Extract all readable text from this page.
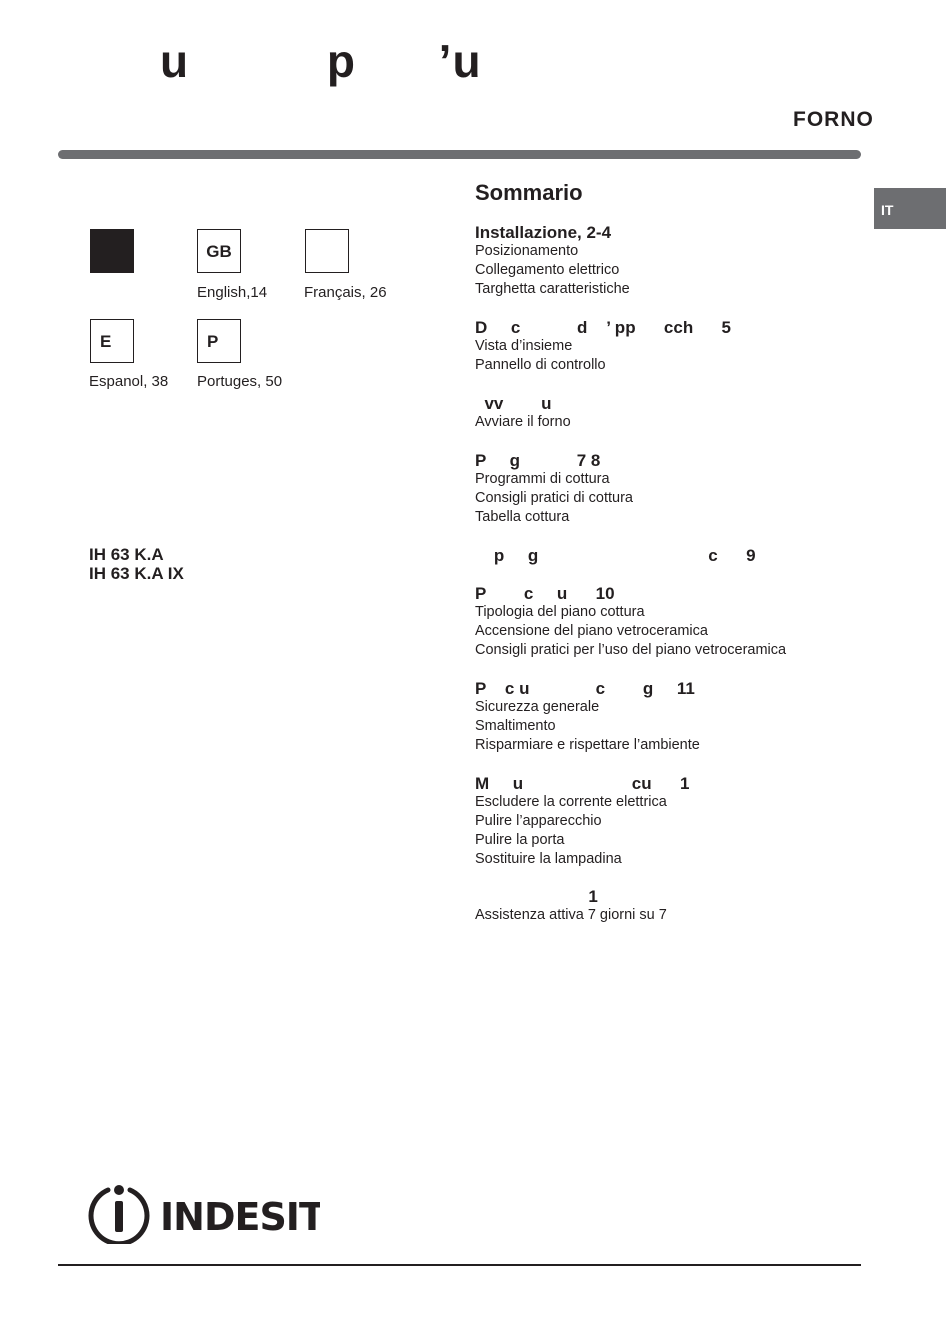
u          p      ’u
FORNO
IT
GB
English,14 Français, 26
E
Espanol, 38
P
Portuges, 50
IH 63 K.A
IH 63 K.A IX
Sommario
Installazione, 2-4
Posizionamento
Collegamento elettrico
Targhetta caratteristiche
D     c            d    ’ pp      cch      5
Vista d’insieme
Pannello di controllo
vv        u
Avviare il forno
P     g            7 8
Programmi di cottura
Consigli pratici di cottura
Tabella cottura
p     g                                    c      9
P        c     u      10
Tipologia del piano cottura
Accensione del piano vetroceramica
Consigli pratici per l’uso del piano vetroceramica
P    c u              c        g     11
Sicurezza generale
Smaltimento
Risparmiare e rispettare l’ambiente
M     u                       cu      1
Escludere la corrente elettrica
Pulire l’apparecchio
Pulire la porta
Sostituire la lampadina
1
Assistenza attiva 7 giorni su 7
INDESIT
